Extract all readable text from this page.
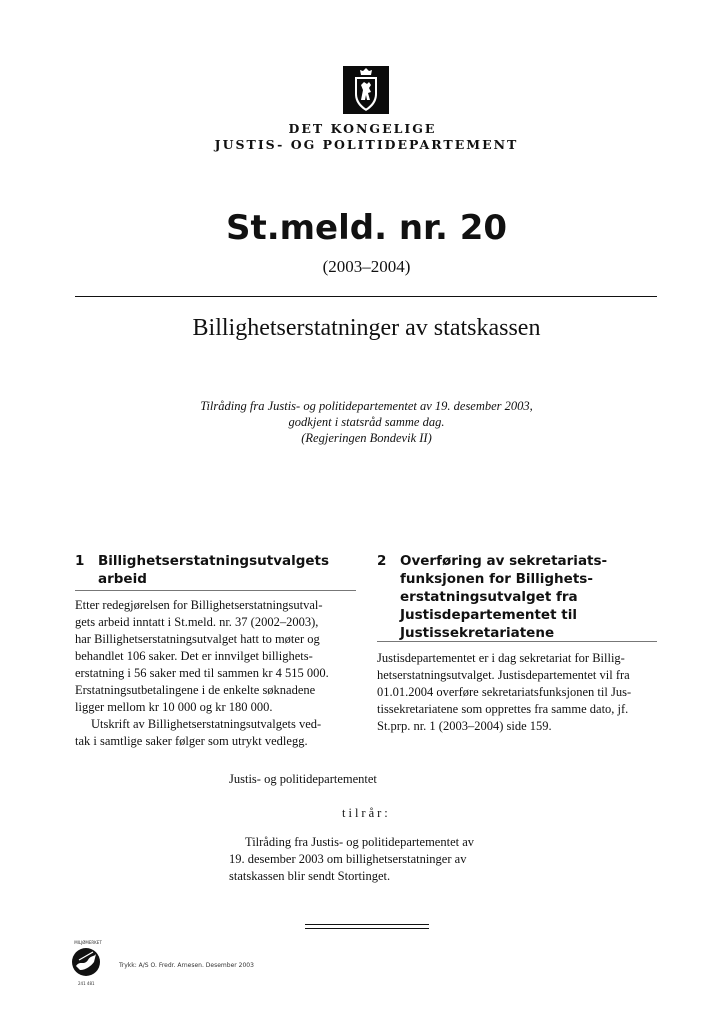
DET KONGELIGE
JUSTIS- OG POLITIDEPARTEMENT
St.meld. nr. 20
(2003–2004)
Billighetserstatninger av statskassen
Tilråding fra Justis- og politidepartementet av 19. desember 2003,
godkjent i statsråd samme dag.
(Regjeringen Bondevik II)
1 Billighetserstatningsutvalgets
arbeid

Etter redegjørelsen for Billighetserstatningsutval-
gets arbeid inntatt i St.meld. nr. 37 (2002–2003),
har Billighetserstatningsutvalget hatt to møter og
behandlet 106 saker. Det er innvilget billighets-
erstatning i 56 saker med til sammen kr 4 515 000.
Erstatningsutbetalingene i de enkelte søknadene
ligger mellom kr 10 000 og kr 180 000.

Utskrift av Billighetserstatningsutvalgets ved-
tak i samtlige saker følger som utrykt vedlegg.

2 Overføring av sekretariats-
funksjonen for Billighets-
erstatningsutvalget fra
Justisdepartementet til
Justissekretariatene

Justisdepartementet er i dag sekretariat for Billig-
hetserstatningsutvalget. Justisdepartementet vil fra
01.01.2004 overføre sekretariatsfunksjonen til Jus-
tissekretariatene som opprettes fra samme dato, jf.
St.prp. nr. 1 (2003–2004) side 159.

Justis- og politidepartementet
tilrår:
Tilråding fra Justis- og politidepartementet av
19. desember 2003 om billighetserstatninger av
statskassen blir sendt Stortinget.
MILJØMERKET
241 481
Trykk: A/S O. Fredr. Arnesen. Desember 2003
